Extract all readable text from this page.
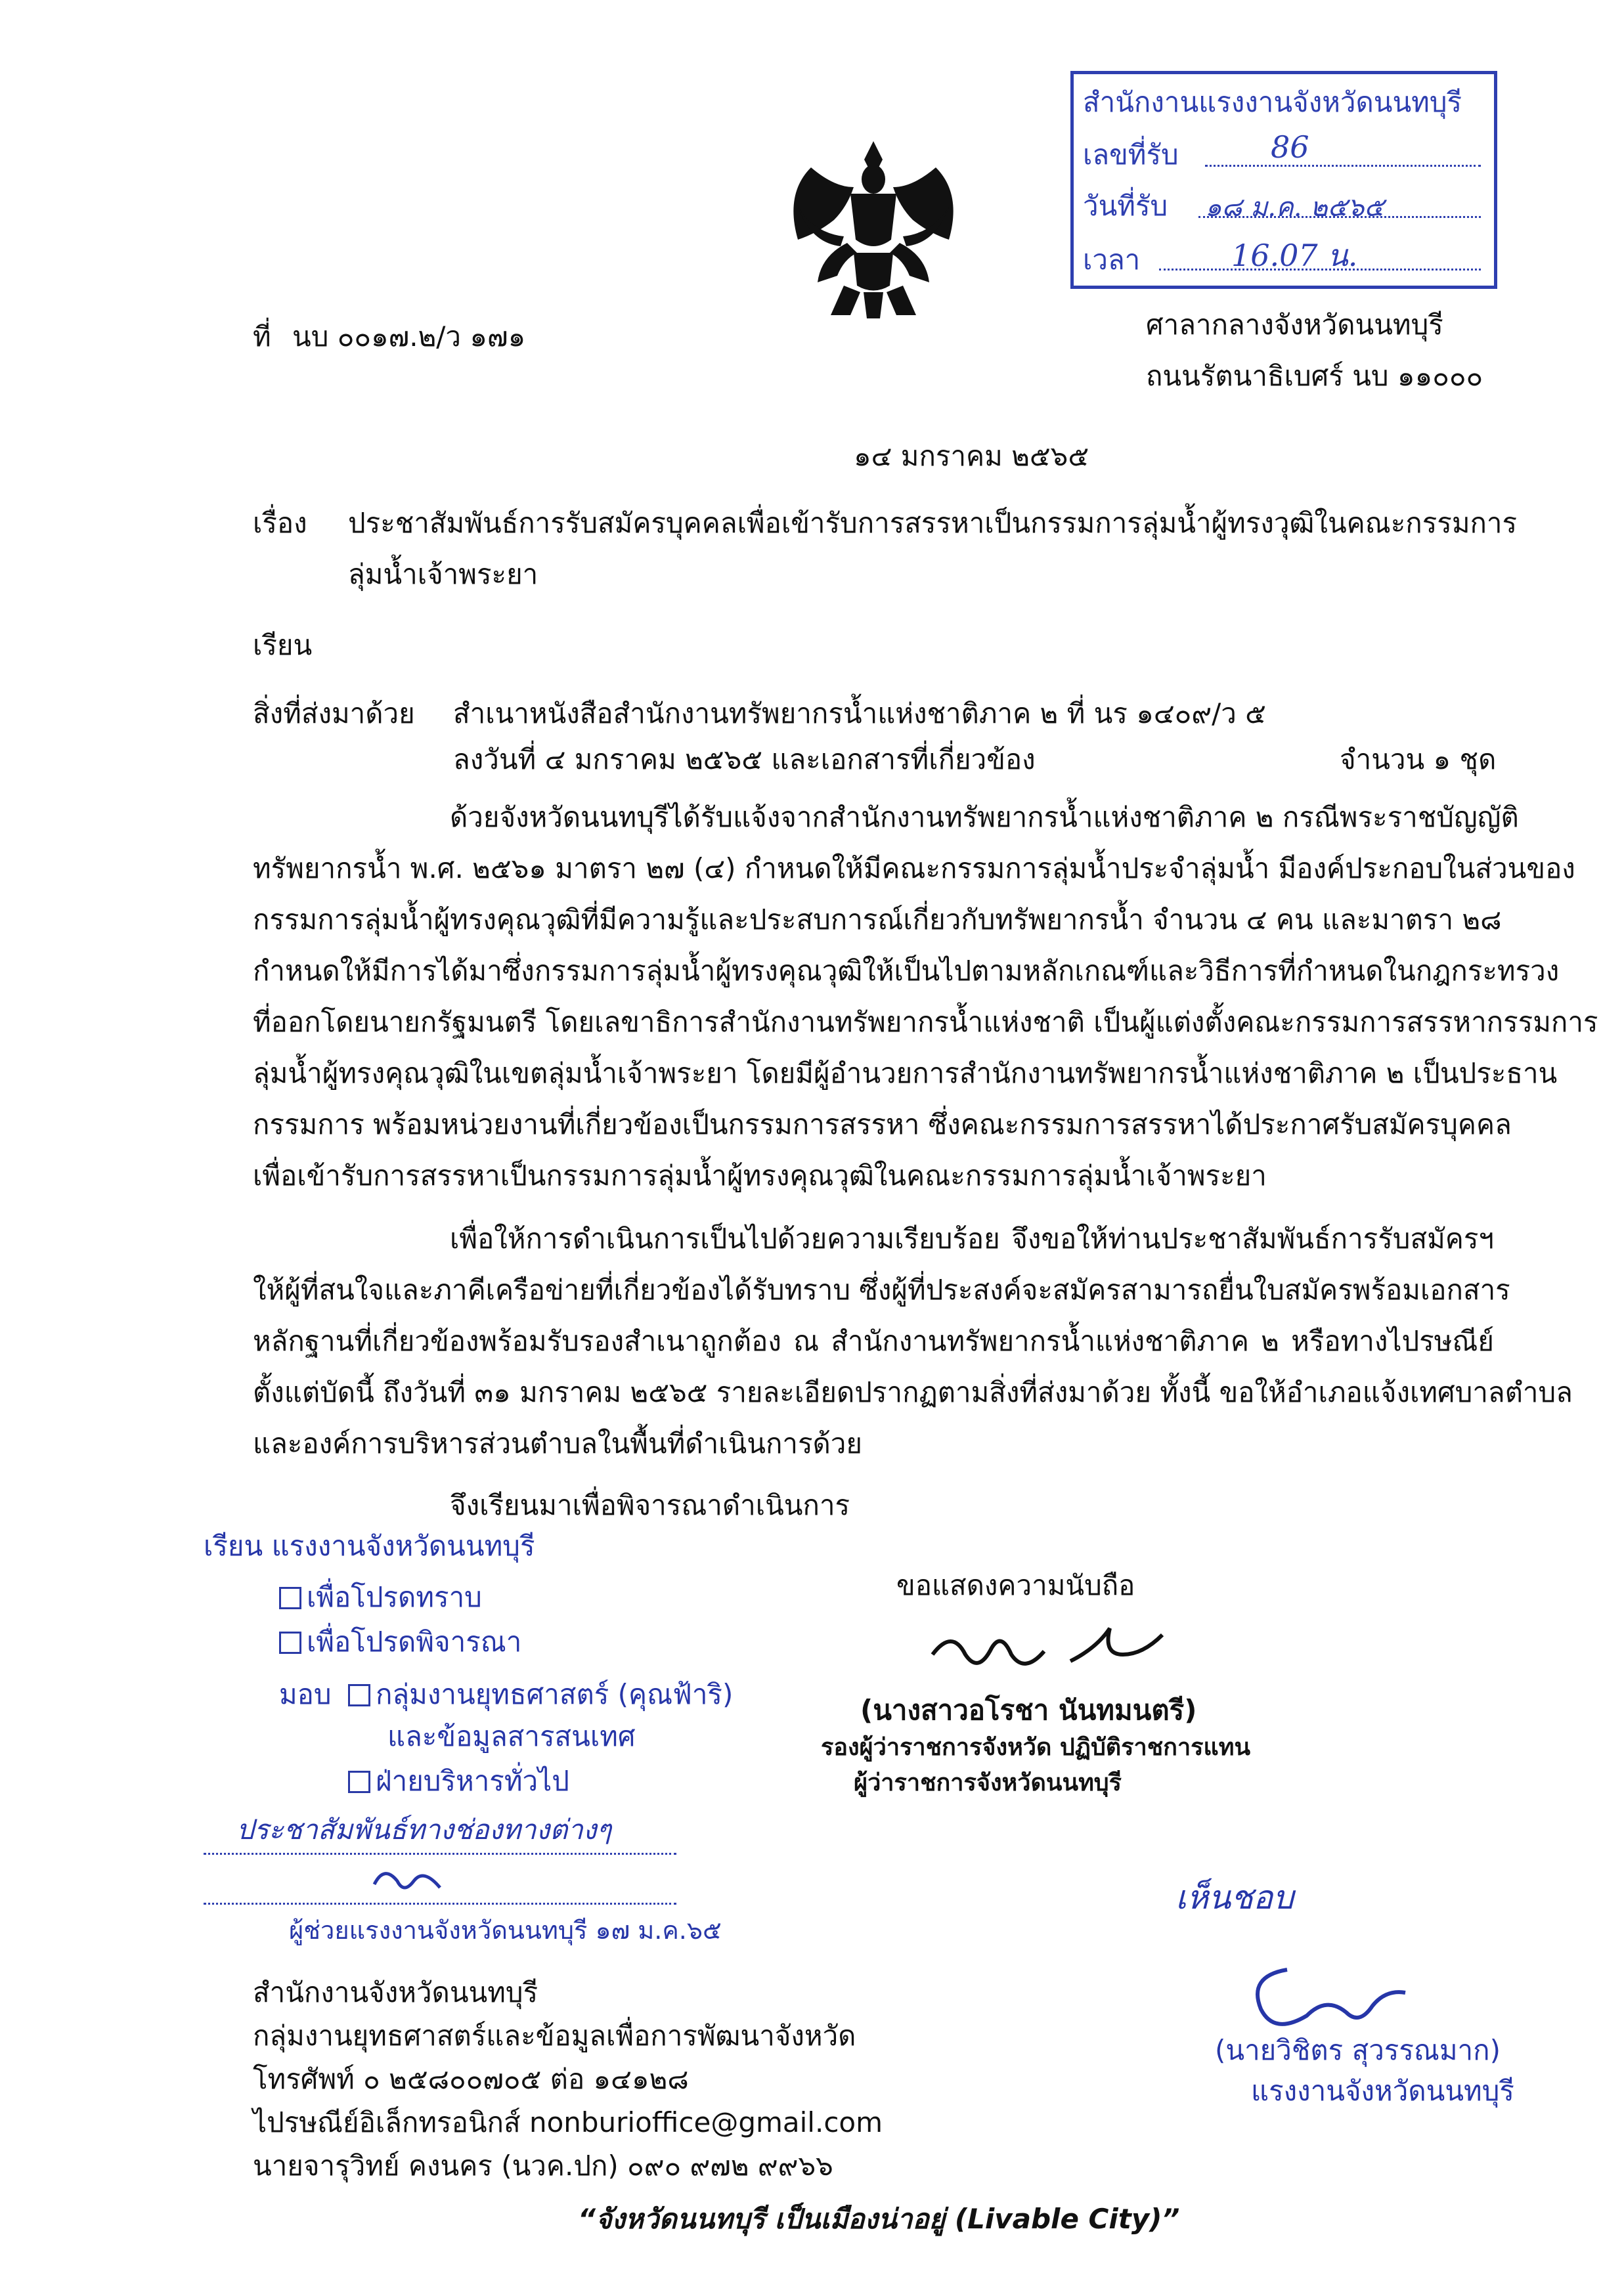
สำนักงานแรงงานจังหวัดนนทบุรี
เลขที่รับ	86
วันที่รับ ๑๘ ม.ค. ๒๕๖๕
เวลา	16.07 น.
ที่ นบ ๐๐๑๗.๒/ว ๑๗๑	ศาลากลางจังหวัดนนทบุรี
ถนนรัตนาธิเบศร์ นบ ๑๑๐๐๐
๑๔ มกราคม ๒๕๖๕
เรื่อง ประชาสัมพันธ์การรับสมัครบุคคลเพื่อเข้ารับการสรรหาเป็นกรรมการลุ่มน้ำผู้ทรงวุฒิในคณะกรรมการ
ลุ่มน้ำเจ้าพระยา
เรียน
สิ่งที่ส่งมาด้วย สำเนาหนังสือสำนักงานทรัพยากรน้ำแห่งชาติภาค ๒ ที่ นร ๑๔๐๙/ว ๕
ลงวันที่ ๔ มกราคม ๒๕๖๕ และเอกสารที่เกี่ยวข้อง	จำนวน ๑ ชุด
ด้วยจังหวัดนนทบุรีได้รับแจ้งจากสำนักงานทรัพยากรน้ำแห่งชาติภาค ๒ กรณีพระราชบัญญัติ
ทรัพยากรน้ำ พ.ศ. ๒๕๖๑ มาตรา ๒๗ (๔) กำหนดให้มีคณะกรรมการลุ่มน้ำประจำลุ่มน้ำ มีองค์ประกอบในส่วนของ
กรรมการลุ่มน้ำผู้ทรงคุณวุฒิที่มีความรู้และประสบการณ์เกี่ยวกับทรัพยากรน้ำ จำนวน ๔ คน และมาตรา ๒๘
กำหนดให้มีการได้มาซึ่งกรรมการลุ่มน้ำผู้ทรงคุณวุฒิให้เป็นไปตามหลักเกณฑ์และวิธีการที่กำหนดในกฎกระทรวง
ที่ออกโดยนายกรัฐมนตรี โดยเลขาธิการสำนักงานทรัพยากรน้ำแห่งชาติ เป็นผู้แต่งตั้งคณะกรรมการสรรหากรรมการ
ลุ่มน้ำผู้ทรงคุณวุฒิในเขตลุ่มน้ำเจ้าพระยา โดยมีผู้อำนวยการสำนักงานทรัพยากรน้ำแห่งชาติภาค ๒ เป็นประธาน
กรรมการ พร้อมหน่วยงานที่เกี่ยวข้องเป็นกรรมการสรรหา ซึ่งคณะกรรมการสรรหาได้ประกาศรับสมัครบุคคล
เพื่อเข้ารับการสรรหาเป็นกรรมการลุ่มน้ำผู้ทรงคุณวุฒิในคณะกรรมการลุ่มน้ำเจ้าพระยา
เพื่อให้การดำเนินการเป็นไปด้วยความเรียบร้อย จึงขอให้ท่านประชาสัมพันธ์การรับสมัครฯ
ให้ผู้ที่สนใจและภาคีเครือข่ายที่เกี่ยวข้องได้รับทราบ ซึ่งผู้ที่ประสงค์จะสมัครสามารถยื่นใบสมัครพร้อมเอกสาร
หลักฐานที่เกี่ยวข้องพร้อมรับรองสำเนาถูกต้อง ณ สำนักงานทรัพยากรน้ำแห่งชาติภาค ๒ หรือทางไปรษณีย์
ตั้งแต่บัดนี้ ถึงวันที่ ๓๑ มกราคม ๒๕๖๕ รายละเอียดปรากฏตามสิ่งที่ส่งมาด้วย ทั้งนี้ ขอให้อำเภอแจ้งเทศบาลตำบล
และองค์การบริหารส่วนตำบลในพื้นที่ดำเนินการด้วย
จึงเรียนมาเพื่อพิจารณาดำเนินการ
ขอแสดงความนับถือ
(นางสาวอโรชา นันทมนตรี)
รองผู้ว่าราชการจังหวัด ปฏิบัติราชการแทน
ผู้ว่าราชการจังหวัดนนทบุรี
เรียน แรงงานจังหวัดนนทบุรี
เพื่อโปรดทราบ
เพื่อโปรดพิจารณา
มอบ	กลุ่มงานยุทธศาสตร์ (คุณฟ้าริ)
และข้อมูลสารสนเทศ
ฝ่ายบริหารทั่วไป
ประชาสัมพันธ์ทางช่องทางต่างๆ
ผู้ช่วยแรงงานจังหวัดนนทบุรี ๑๗ ม.ค.๖๕
เห็นชอบ
(นายวิชิตร สุวรรณมาก)
แรงงานจังหวัดนนทบุรี
สำนักงานจังหวัดนนทบุรี
กลุ่มงานยุทธศาสตร์และข้อมูลเพื่อการพัฒนาจังหวัด
โทรศัพท์ ๐ ๒๕๘๐๐๗๐๕ ต่อ ๑๔๑๒๘
ไปรษณีย์อิเล็กทรอนิกส์ nonburioffice@gmail.com
นายจารุวิทย์ คงนคร (นวค.ปก) ๐๙๐ ๙๗๒ ๙๙๖๖
“จังหวัดนนทบุรี เป็นเมืองน่าอยู่ (Livable City)”
